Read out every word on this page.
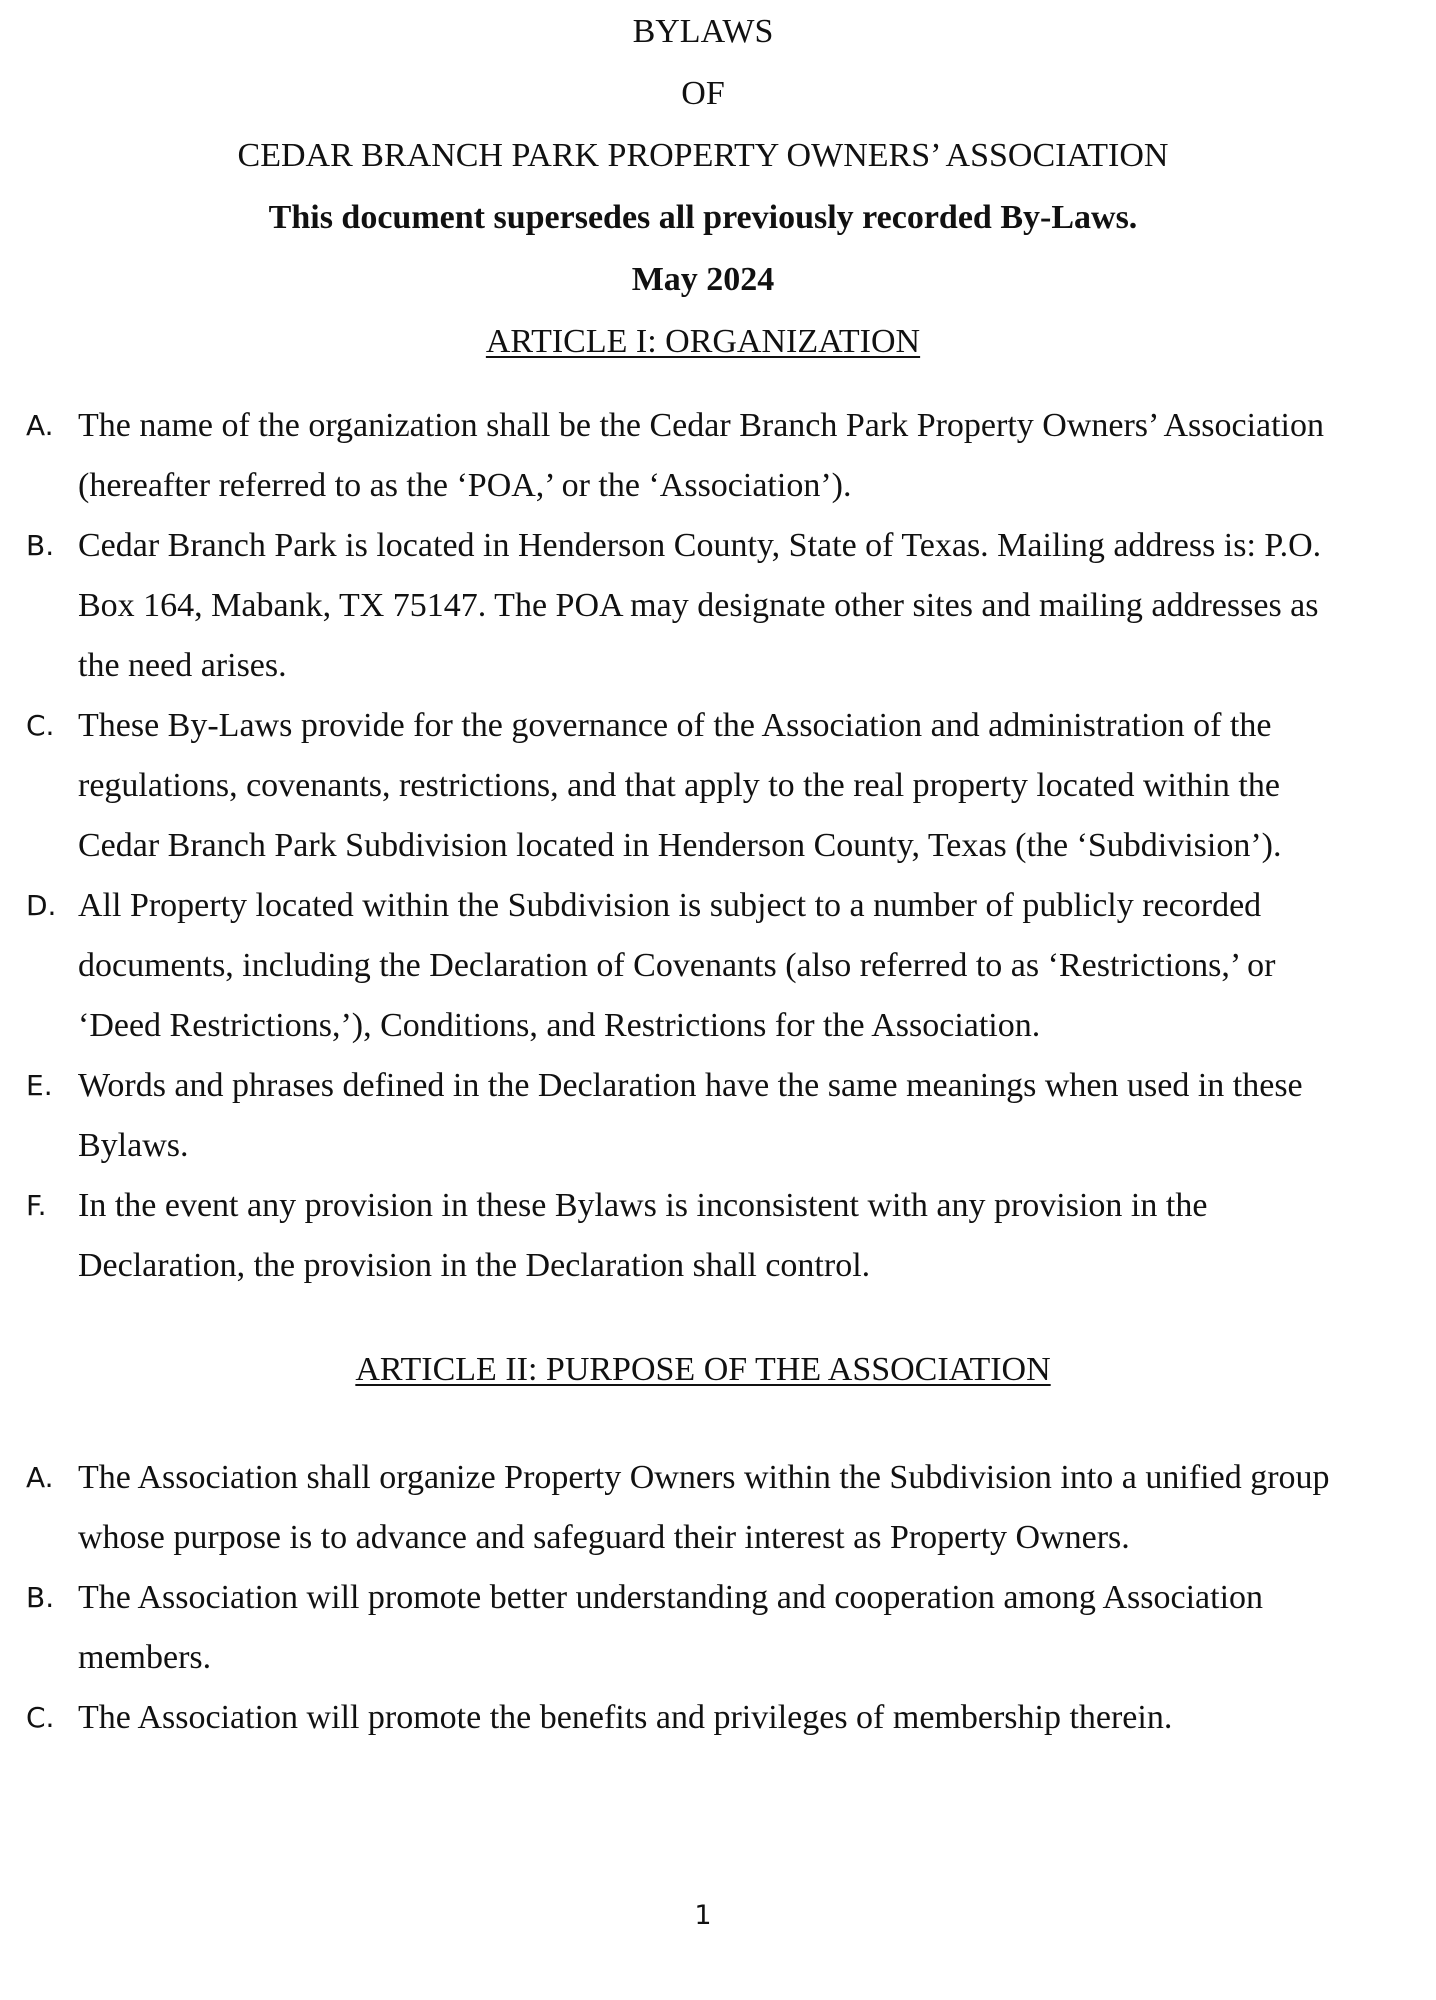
BYLAWS
OF
CEDAR BRANCH PARK PROPERTY OWNERS’ ASSOCIATION
This document supersedes all previously recorded By-Laws.
May 2024
ARTICLE I: ORGANIZATION
A. The name of the organization shall be the Cedar Branch Park Property Owners’ Association
(hereafter referred to as the ‘POA,’ or the ‘Association’).
B. Cedar Branch Park is located in Henderson County, State of Texas. Mailing address is: P.O.
Box 164, Mabank, TX 75147. The POA may designate other sites and mailing addresses as
the need arises.
C. These By-Laws provide for the governance of the Association and administration of the
regulations, covenants, restrictions, and that apply to the real property located within the
Cedar Branch Park Subdivision located in Henderson County, Texas (the ‘Subdivision’).
D. All Property located within the Subdivision is subject to a number of publicly recorded
documents, including the Declaration of Covenants (also referred to as ‘Restrictions,’ or
‘Deed Restrictions,’), Conditions, and Restrictions for the Association.
E. Words and phrases defined in the Declaration have the same meanings when used in these
Bylaws.
F. In the event any provision in these Bylaws is inconsistent with any provision in the
Declaration, the provision in the Declaration shall control.
ARTICLE II: PURPOSE OF THE ASSOCIATION
A. The Association shall organize Property Owners within the Subdivision into a unified group
whose purpose is to advance and safeguard their interest as Property Owners.
B. The Association will promote better understanding and cooperation among Association
members.
C. The Association will promote the benefits and privileges of membership therein.
1
